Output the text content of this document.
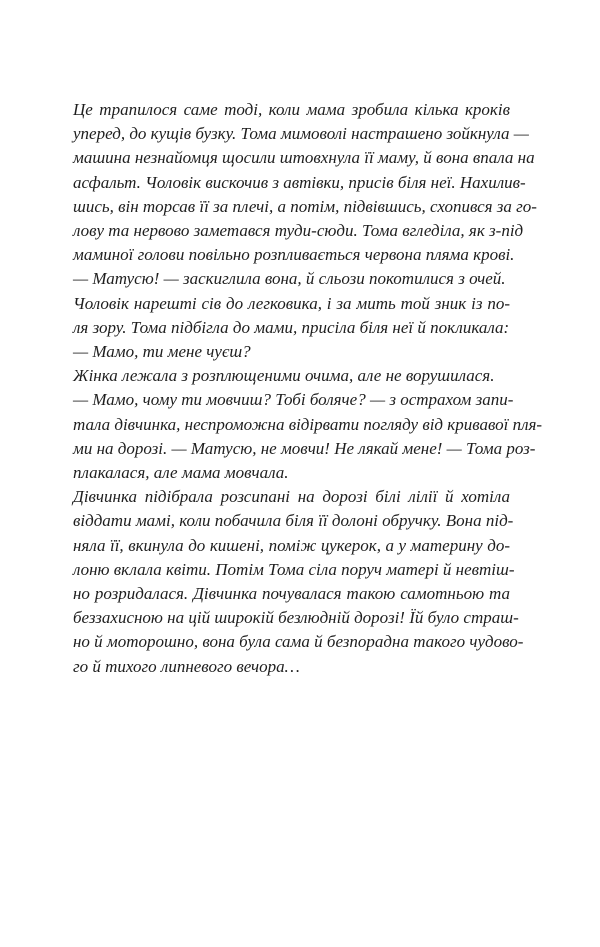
Це трапилося саме тоді, коли мама зробила кілька кроків
уперед, до кущів бузку. Тома мимоволі настрашено зойкнула —
машина незнайомця щосили штовхнула її маму, й вона впала на
асфальт. Чоловік вискочив з автівки, присів біля неї. Нахилив-
шись, він торсав її за плечі, а потім, підвівшись, схопився за го-
лову та нервово заметався туди-сюди. Тома вгледіла, як з-під
маминої голови повільно розпливається червона пляма крові.
— Матусю! — заскиглила вона, й сльози покотилися з очей.
Чоловік нарешті сів до легковика, і за мить той зник із по-
ля зору. Тома підбігла до мами, присіла біля неї й покликала:
— Мамо, ти мене чуєш?
Жінка лежала з розплющеними очима, але не ворушилася.
— Мамо, чому ти мовчиш? Тобі боляче? — з острахом запи-
тала дівчинка, неспроможна відірвати погляду від кривавої пля-
ми на дорозі. — Матусю, не мовчи! Не лякай мене! — Тома роз-
плакалася, але мама мовчала.
Дівчинка підібрала розсипані на дорозі білі лілії й хотіла
віддати мамі, коли побачила біля її долоні обручку. Вона під-
няла її, вкинула до кишені, поміж цукерок, а у материну до-
лоню вклала квіти. Потім Тома сіла поруч матері й невтіш-
но розридалася. Дівчинка почувалася такою самотньою та
беззахисною на цій широкій безлюдній дорозі! Їй було страш-
но й моторошно, вона була сама й безпорадна такого чудово-
го й тихого липневого вечора…
